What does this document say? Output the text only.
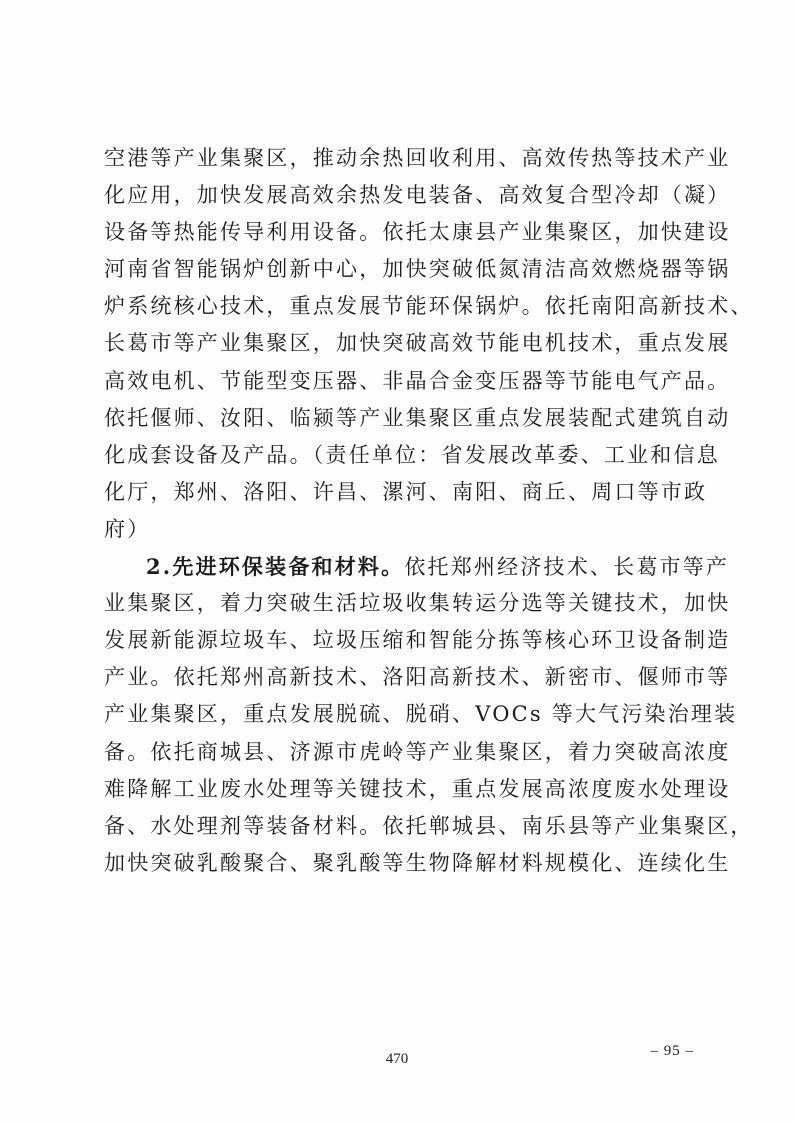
空港等产业集聚区，推动余热回收利用、高效传热等技术产业
化应用，加快发展高效余热发电装备、高效复合型冷却（凝）
设备等热能传导利用设备。依托太康县产业集聚区，加快建设
河南省智能锅炉创新中心，加快突破低氮清洁高效燃烧器等锅
炉系统核心技术，重点发展节能环保锅炉。依托南阳高新技术、
长葛市等产业集聚区，加快突破高效节能电机技术，重点发展
高效电机、节能型变压器、非晶合金变压器等节能电气产品。
依托偃师、汝阳、临颍等产业集聚区重点发展装配式建筑自动
化成套设备及产品。（责任单位：省发展改革委、工业和信息
化厅，郑州、洛阳、许昌、漯河、南阳、商丘、周口等市政
府）
2.先进环保装备和材料。依托郑州经济技术、长葛市等产
业集聚区，着力突破生活垃圾收集转运分选等关键技术，加快
发展新能源垃圾车、垃圾压缩和智能分拣等核心环卫设备制造
产业。依托郑州高新技术、洛阳高新技术、新密市、偃师市等
产业集聚区，重点发展脱硫、脱硝、VOCs 等大气污染治理装
备。依托商城县、济源市虎岭等产业集聚区，着力突破高浓度
难降解工业废水处理等关键技术，重点发展高浓度废水处理设
备、水处理剂等装备材料。依托郸城县、南乐县等产业集聚区，
加快突破乳酸聚合、聚乳酸等生物降解材料规模化、连续化生
470	– 95 –
